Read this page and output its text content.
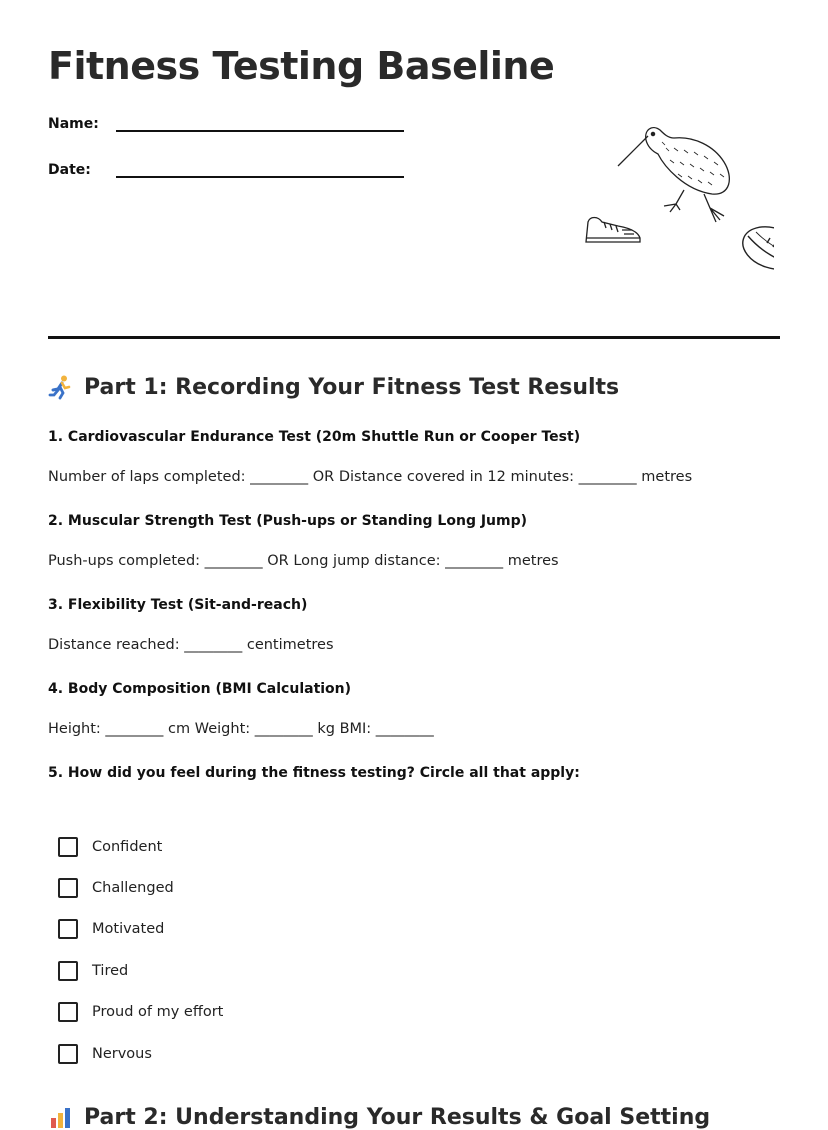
Fitness Testing Baseline
Name:
Date:
Part 1: Recording Your Fitness Test Results

1. Cardiovascular Endurance Test (20m Shuttle Run or Cooper Test)

Number of laps completed: ________ OR Distance covered in 12 minutes: ________ metres

2. Muscular Strength Test (Push-ups or Standing Long Jump)

Push-ups completed: ________ OR Long jump distance: ________ metres

3. Flexibility Test (Sit-and-reach)

Distance reached: ________ centimetres

4. Body Composition (BMI Calculation)

Height: ________ cm Weight: ________ kg BMI: ________

5. How did you feel during the fitness testing? Circle all that apply:

Confident
Challenged
Motivated
Tired
Proud of my effort
Nervous
Part 2: Understanding Your Results & Goal Setting
